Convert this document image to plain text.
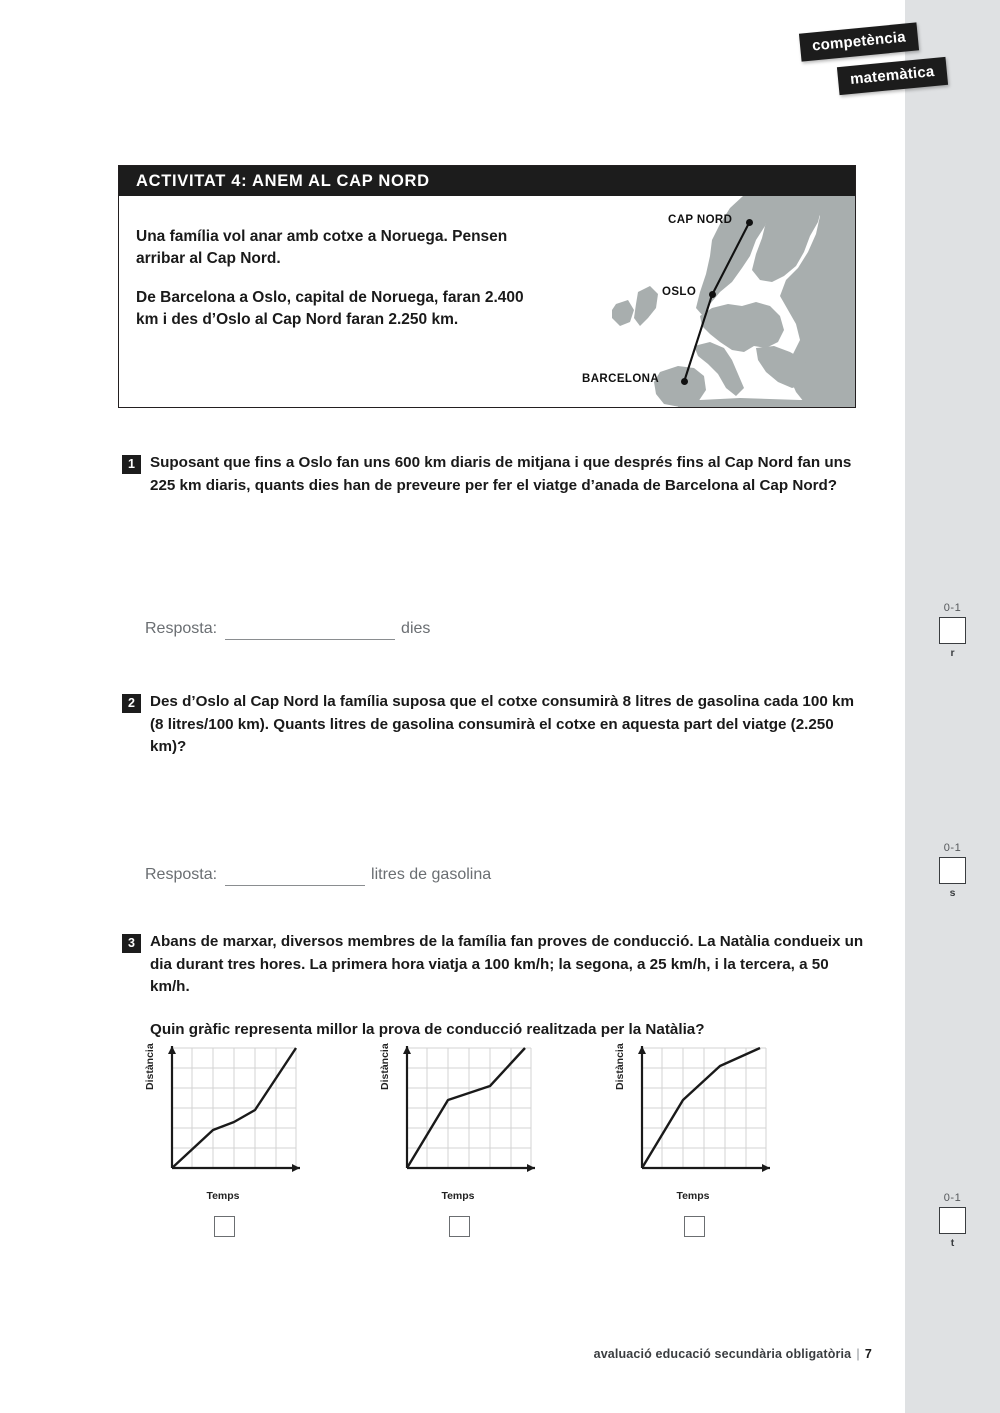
competència
matemàtica
ACTIVITAT 4: ANEM AL CAP NORD

Una família vol anar amb cotxe a Noruega. Pensen arribar al Cap Nord.

De Barcelona a Oslo, capital de Noruega, faran 2.400 km i des d’Oslo al Cap Nord faran 2.250 km.

CAP NORD
OSLO
BARCELONA
1 Suposant que fins a Oslo fan uns 600 km diaris de mitjana i que després fins al Cap Nord fan uns 225 km diaris, quants dies han de preveure per fer el viatge d’anada de Barcelona al Cap Nord?
Resposta:	dies
0-1
r
2 Des d’Oslo al Cap Nord la família suposa que el cotxe consumirà 8 litres de gasolina cada 100 km (8 litres/100 km). Quants litres de gasolina consumirà el cotxe en aquesta part del viatge (2.250 km)?
Resposta:	litres de gasolina
0-1
s
3 Abans de marxar, diversos membres de la família fan proves de conducció. La Natàlia condueix un dia durant tres hores. La primera hora viatja a 100 km/h; la segona, a 25 km/h, i la tercera, a 50 km/h.
Quin gràfic representa millor la prova de conducció realitzada per la Natàlia?
0-1
t
Distància
Temps
Distància
Temps
Distància
Temps
avaluació educació secundària obligatòria | 7
